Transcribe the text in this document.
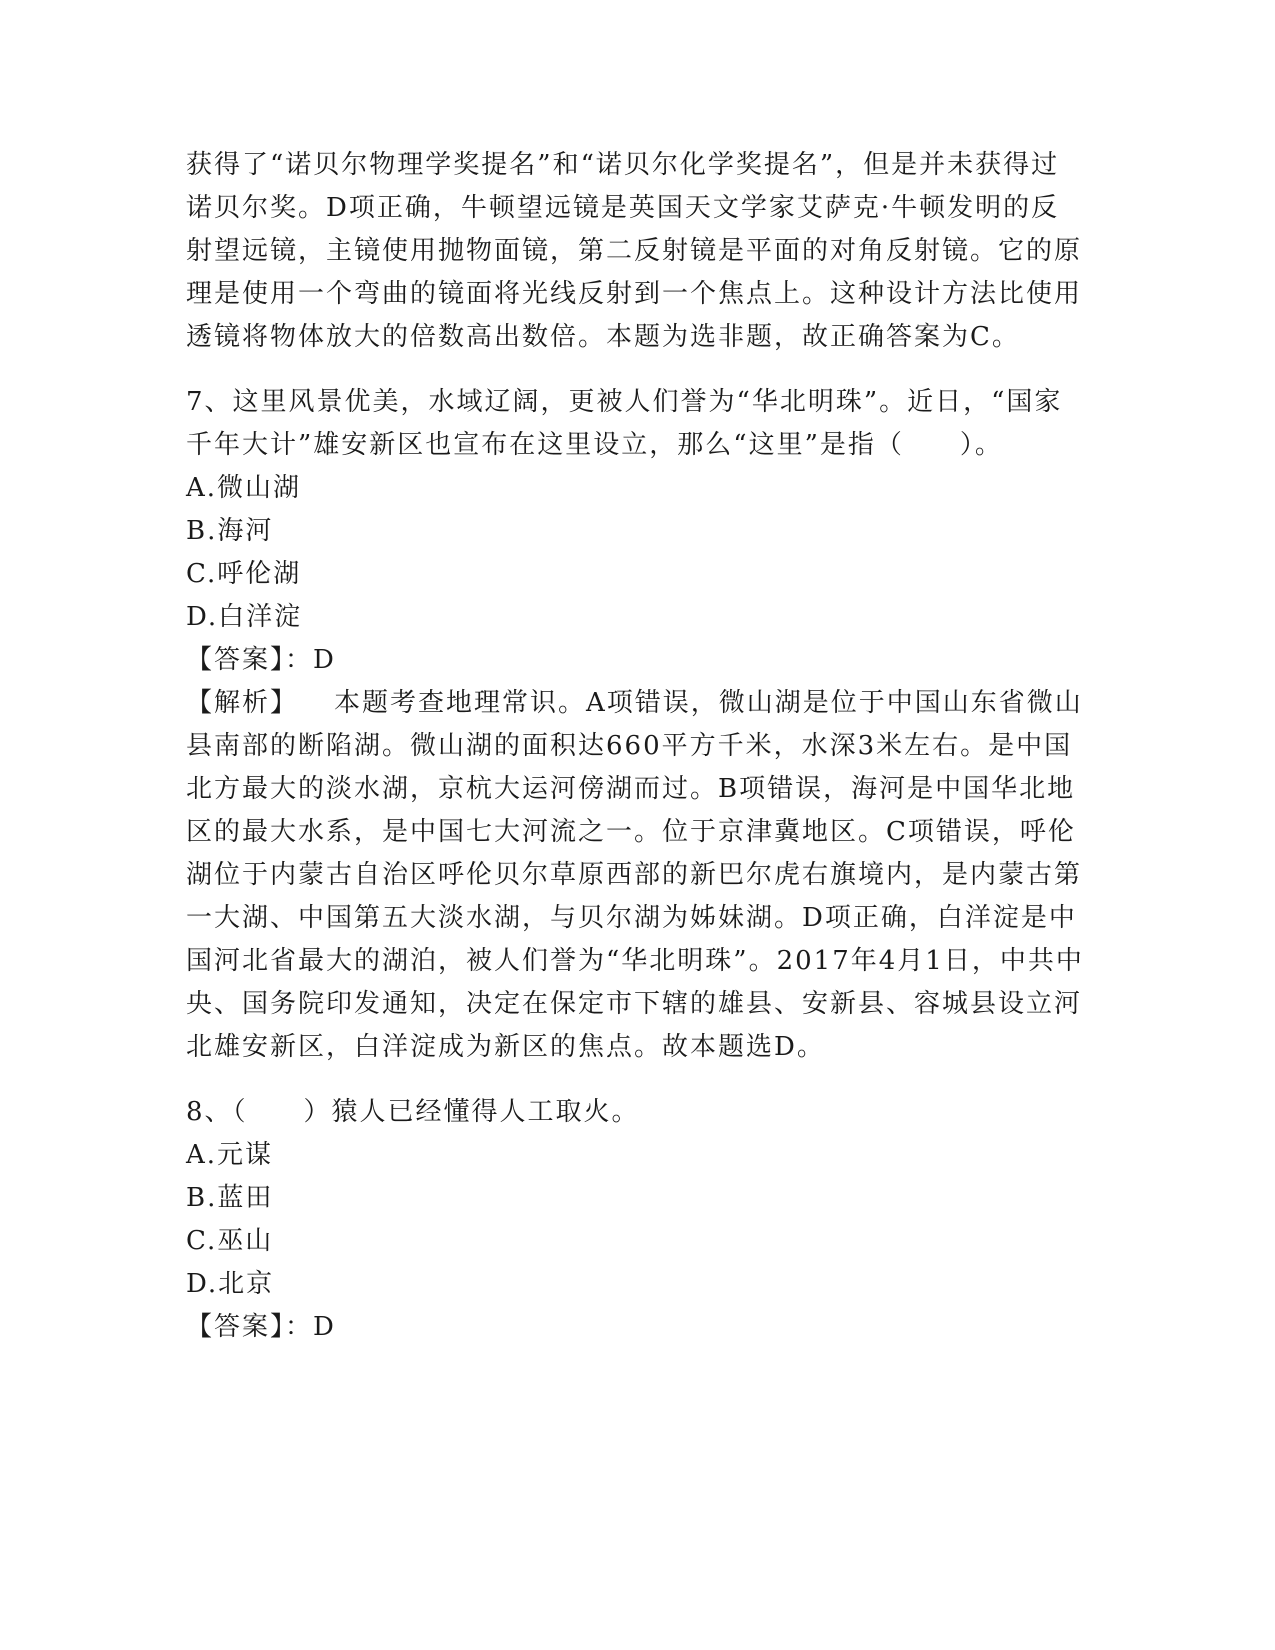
获得了“诺贝尔物理学奖提名”和“诺贝尔化学奖提名”，但是并未获得过诺贝尔奖。D项正确，牛顿望远镜是英国天文学家艾萨克·牛顿发明的反射望远镜，主镜使用抛物面镜，第二反射镜是平面的对角反射镜。它的原理是使用一个弯曲的镜面将光线反射到一个焦点上。这种设计方法比使用透镜将物体放大的倍数高出数倍。本题为选非题，故正确答案为C。

7、这里风景优美，水域辽阔，更被人们誉为“华北明珠”。近日，“国家千年大计”雄安新区也宣布在这里设立，那么“这里”是指（　　）。

A.微山湖

B.海河

C.呼伦湖

D.白洋淀

【答案】：D

【解析】 本题考查地理常识。A项错误，微山湖是位于中国山东省微山县南部的断陷湖。微山湖的面积达660平方千米，水深3米左右。是中国北方最大的淡水湖，京杭大运河傍湖而过。B项错误，海河是中国华北地区的最大水系，是中国七大河流之一。位于京津冀地区。C项错误，呼伦湖位于内蒙古自治区呼伦贝尔草原西部的新巴尔虎右旗境内，是内蒙古第一大湖、中国第五大淡水湖，与贝尔湖为姊妹湖。D项正确，白洋淀是中国河北省最大的湖泊，被人们誉为“华北明珠”。2017年4月1日，中共中央、国务院印发通知，决定在保定市下辖的雄县、安新县、容城县设立河北雄安新区，白洋淀成为新区的焦点。故本题选D。

8、（　　）猿人已经懂得人工取火。

A.元谋

B.蓝田

C.巫山

D.北京

【答案】：D
